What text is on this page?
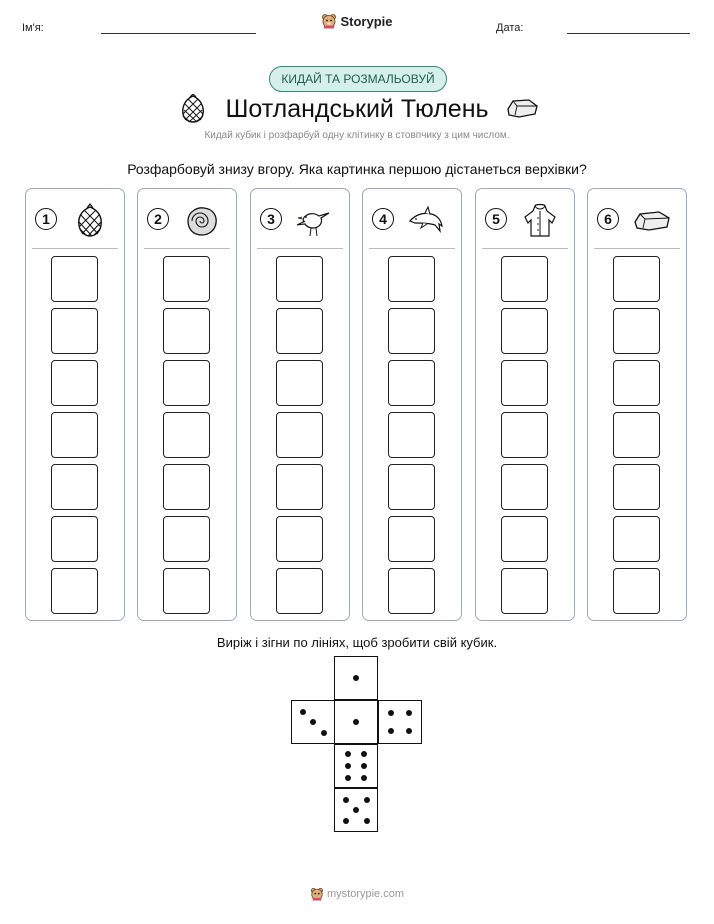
Ім'я:	Storypie	Дата:
КИДАЙ ТА РОЗМАЛЬОВУЙ
Шотландський Тюлень
Кидай кубик і розфарбуй одну клітинку в стовпчику з цим числом.
Розфарбовуй знизу вгору. Яка картинка першою дістанеться верхівки?
1	2	3	4	5	6
Виріж і зігни по лініях, щоб зробити свій кубик.
mystorypie.com
